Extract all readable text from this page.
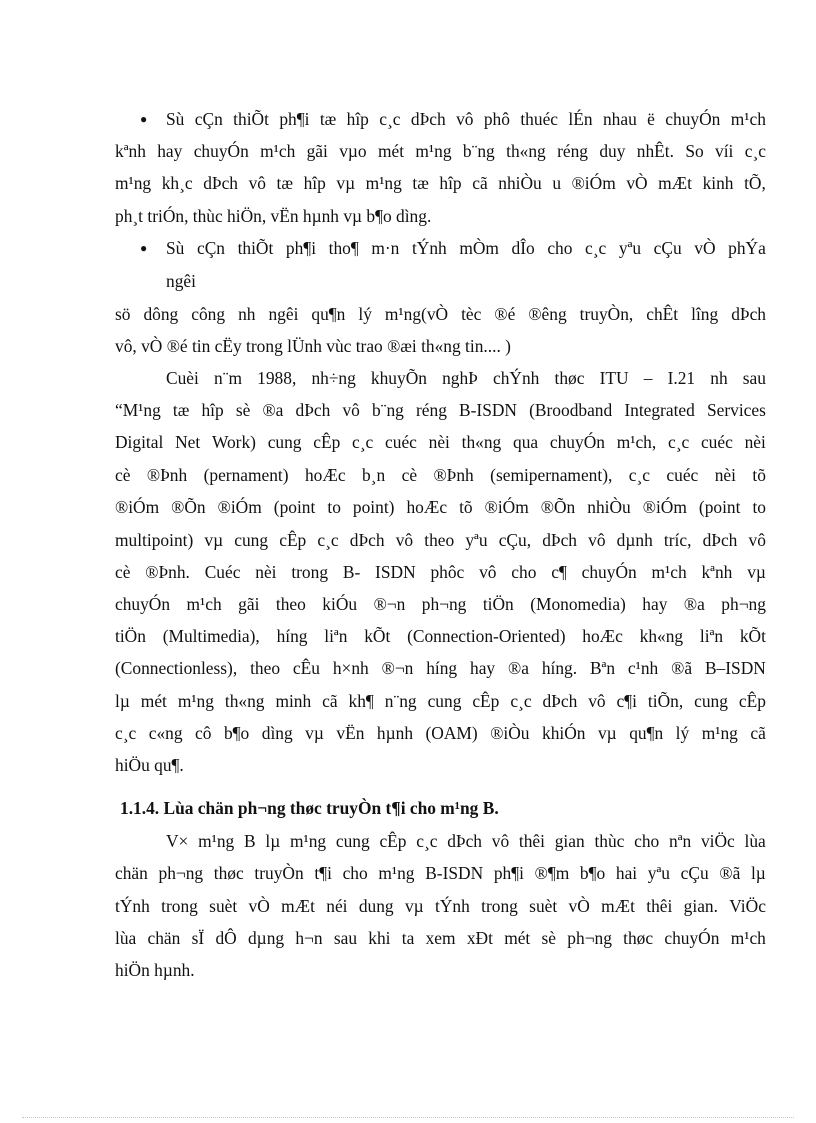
● Sù cÇn thiÕt ph¶i tæ hîp c¸c dÞch vô phô thuéc lÉn nhau ë chuyÓn m¹ch
kªnh hay chuyÓn m¹ch gãi vµo mét m¹ng b¨ng th«ng réng duy nhÊt. So víi c¸c
m¹ng kh¸c dÞch vô tæ hîp vµ m¹ng tæ hîp cã nhiÒu u ®iÓm vÒ mÆt kinh tÕ,
ph¸t triÓn, thùc hiÖn, vËn hµnh vµ b¶o dìng.
● Sù cÇn thiÕt ph¶i tho¶ m·n tÝnh mÒm dÎo cho c¸c yªu cÇu vÒ phÝa
ngêi
sö dông công nh ngêi qu¶n lý m¹ng(vÒ tèc ®é ®êng truyÒn, chÊt lîng dÞch
vô, vÒ ®é tin cËy trong lÜnh vùc trao ®æi th«ng tin.... )
Cuèi n¨m 1988, nh÷ng khuyÕn nghÞ chÝnh thøc ITU – I.21 nh sau
“M¹ng tæ hîp sè ®a dÞch vô b¨ng réng B-ISDN (Broodband Integrated Services
Digital Net Work) cung cÊp c¸c cuéc nèi th«ng qua chuyÓn m¹ch, c¸c cuéc nèi
cè ®Þnh (pernament) hoÆc b¸n cè ®Þnh (semipernament), c¸c cuéc nèi tõ
®iÓm ®Õn ®iÓm (point to point) hoÆc tõ ®iÓm ®Õn nhiÒu ®iÓm (point to
multipoint) vµ cung cÊp c¸c dÞch vô theo yªu cÇu, dÞch vô dµnh tríc, dÞch vô
cè ®Þnh. Cuéc nèi trong B- ISDN phôc vô cho c¶ chuyÓn m¹ch kªnh vµ
chuyÓn m¹ch gãi theo kiÓu ®¬n ph¬ng tiÖn (Monomedia) hay ®a ph¬ng
tiÖn (Multimedia), híng liªn kÕt (Connection-Oriented) hoÆc kh«ng liªn kÕt
(Connectionless), theo cÊu h×nh ®¬n híng hay ®a híng. Bªn c¹nh ®ã B–ISDN
lµ mét m¹ng th«ng minh cã kh¶ n¨ng cung cÊp c¸c dÞch vô c¶i tiÕn, cung cÊp
c¸c c«ng cô b¶o dìng vµ vËn hµnh (OAM) ®iÒu khiÓn vµ qu¶n lý m¹ng cã
hiÖu qu¶.
1.1.4. Lùa chän ph¬ng thøc truyÒn t¶i cho m¹ng B.
V× m¹ng B lµ m¹ng cung cÊp c¸c dÞch vô thêi gian thùc cho nªn viÖc lùa
chän ph¬ng thøc truyÒn t¶i cho m¹ng B-ISDN ph¶i ®¶m b¶o hai yªu cÇu ®ã lµ
tÝnh trong suèt vÒ mÆt néi dung vµ tÝnh trong suèt vÒ mÆt thêi gian. ViÖc
lùa chän sÏ dÔ dµng h¬n sau khi ta xem xÐt mét sè ph¬ng thøc chuyÓn m¹ch
hiÖn hµnh.
